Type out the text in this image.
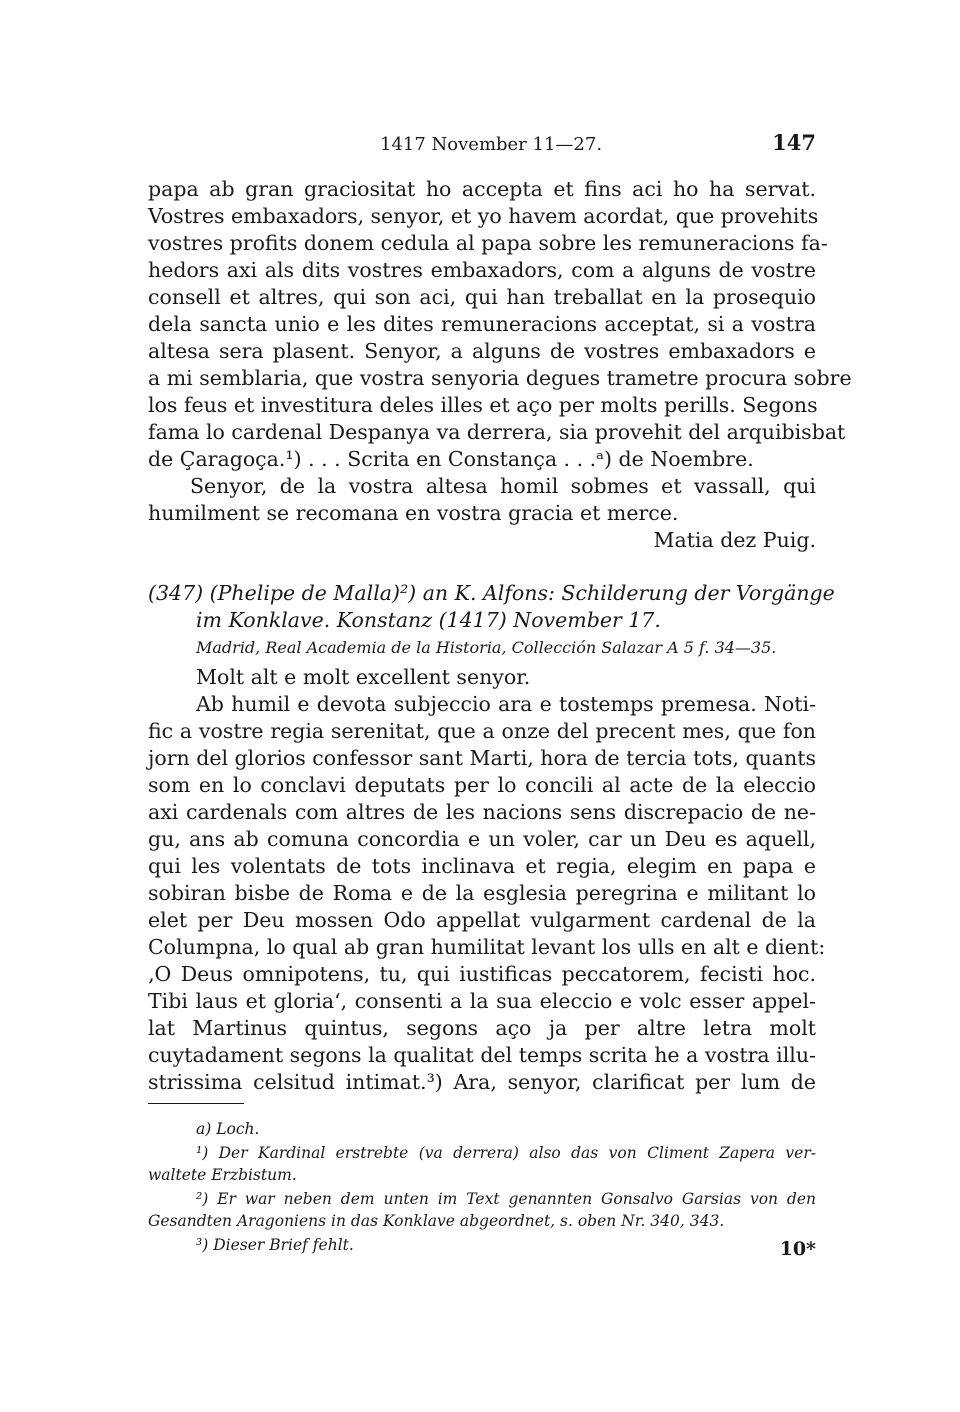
1417 November 11—27.	147
papa ab gran graciositat ho accepta et fins aci ho ha servat.
Vostres embaxadors, senyor, et yo havem acordat, que provehits
vostres profits donem cedula al papa sobre les remuneracions fa-
hedors axi als dits vostres embaxadors, com a alguns de vostre
consell et altres, qui son aci, qui han treballat en la prosequio
dela sancta unio e les dites remuneracions acceptat, si a vostra
altesa sera plasent. Senyor, a alguns de vostres embaxadors e
a mi semblaria, que vostra senyoria degues trametre procura sobre
los feus et investitura deles illes et aço per molts perills. Segons
fama lo cardenal Despanya va derrera, sia provehit del arquibisbat
de Çaragoça.¹) . . . Scrita en Constança . . .ᵃ) de Noembre.
Senyor, de la vostra altesa homil sobmes et vassall, qui
humilment se recomana en vostra gracia et merce.
Matia dez Puig.
(347) (Phelipe de Malla)²) an K. Alfons: Schilderung der Vorgänge
im Konklave. Konstanz (1417) November 17.
Madrid, Real Academia de la Historia, Collección Salazar A 5 f. 34—35.
Molt alt e molt excellent senyor.
Ab humil e devota subjeccio ara e tostemps premesa. Noti-
fic a vostre regia serenitat, que a onze del precent mes, que fon
jorn del glorios confessor sant Marti, hora de tercia tots, quants
som en lo conclavi deputats per lo concili al acte de la eleccio
axi cardenals com altres de les nacions sens discrepacio de ne-
gu, ans ab comuna concordia e un voler, car un Deu es aquell,
qui les volentats de tots inclinava et regia, elegim en papa e
sobiran bisbe de Roma e de la esglesia peregrina e militant lo
elet per Deu mossen Odo appellat vulgarment cardenal de la
Columpna, lo qual ab gran humilitat levant los ulls en alt e dient:
‚O Deus omnipotens, tu, qui iustificas peccatorem, fecisti hoc.
Tibi laus et gloria‘, consenti a la sua eleccio e volc esser appel-
lat Martinus quintus, segons aço ja per altre letra molt
cuytadament segons la qualitat del temps scrita he a vostra illu-
strissima celsitud intimat.³) Ara, senyor, clarificat per lum de
a) Loch.
¹) Der Kardinal erstrebte (va derrera) also das von Climent Zapera ver-
waltete Erzbistum.
²) Er war neben dem unten im Text genannten Gonsalvo Garsias von den
Gesandten Aragoniens in das Konklave abgeordnet, s. oben Nr. 340, 343.
³) Dieser Brief fehlt.	10*
